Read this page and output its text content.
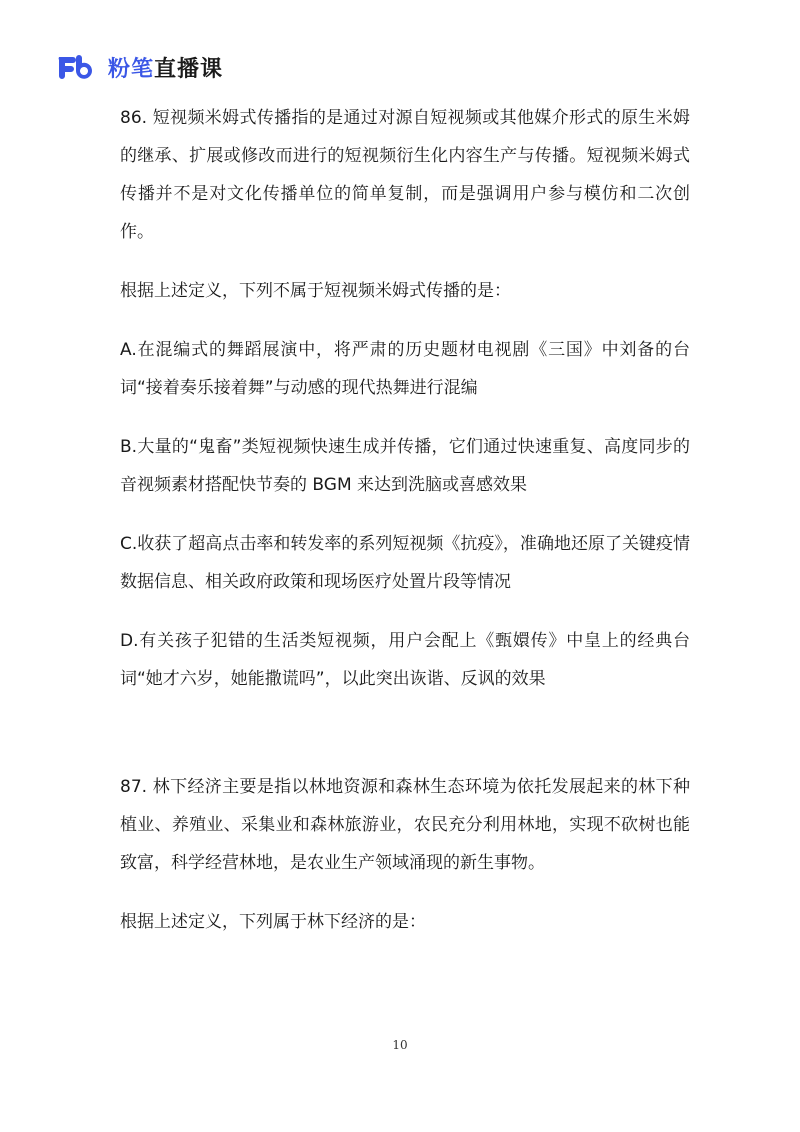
粉笔直播课

86. 短视频米姆式传播指的是通过对源自短视频或其他媒介形式的原生米姆的继承、扩展或修改而进行的短视频衍生化内容生产与传播。短视频米姆式传播并不是对文化传播单位的简单复制，而是强调用户参与模仿和二次创作。

根据上述定义，下列不属于短视频米姆式传播的是：

A.在混编式的舞蹈展演中，将严肃的历史题材电视剧《三国》中刘备的台词“接着奏乐接着舞”与动感的现代热舞进行混编

B.大量的“鬼畜”类短视频快速生成并传播，它们通过快速重复、高度同步的音视频素材搭配快节奏的 BGM 来达到洗脑或喜感效果

C.收获了超高点击率和转发率的系列短视频《抗疫》，准确地还原了关键疫情数据信息、相关政府政策和现场医疗处置片段等情况

D.有关孩子犯错的生活类短视频，用户会配上《甄嬛传》中皇上的经典台词“她才六岁，她能撒谎吗”，以此突出诙谐、反讽的效果

87. 林下经济主要是指以林地资源和森林生态环境为依托发展起来的林下种植业、养殖业、采集业和森林旅游业，农民充分利用林地，实现不砍树也能致富，科学经营林地，是农业生产领域涌现的新生事物。

根据上述定义，下列属于林下经济的是：

10
